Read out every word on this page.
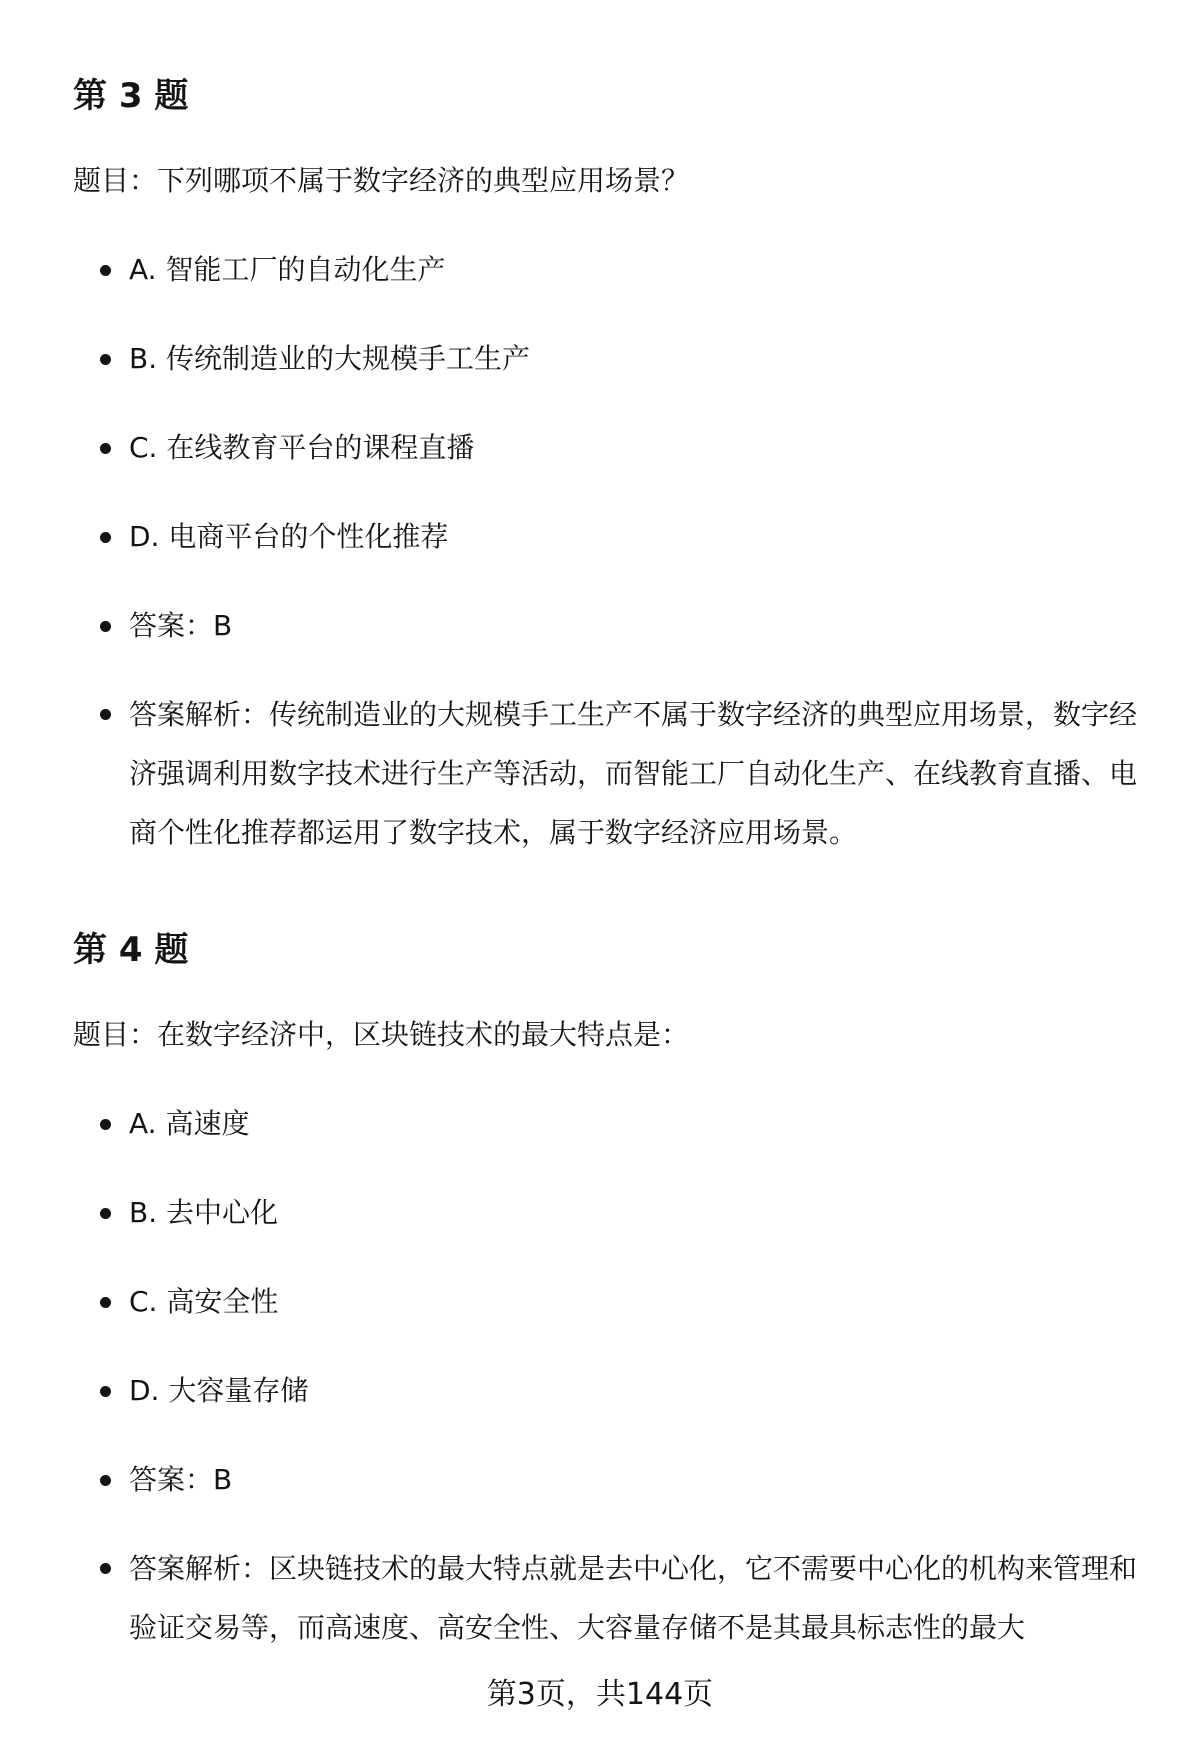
第 3 题

题目：下列哪项不属于数字经济的典型应用场景？

A. 智能工厂的自动化生产
B. 传统制造业的大规模手工生产
C. 在线教育平台的课程直播
D. 电商平台的个性化推荐
答案：B
答案解析：传统制造业的大规模手工生产不属于数字经济的典型应用场景，数字经济强调利用数字技术进行生产等活动，而智能工厂自动化生产、在线教育直播、电商个性化推荐都运用了数字技术，属于数字经济应用场景。
第 4 题

题目：在数字经济中，区块链技术的最大特点是：

A. 高速度
B. 去中心化
C. 高安全性
D. 大容量存储
答案：B
答案解析：区块链技术的最大特点就是去中心化，它不需要中心化的机构来管理和验证交易等，而高速度、高安全性、大容量存储不是其最具标志性的最大
第3页，共144页
